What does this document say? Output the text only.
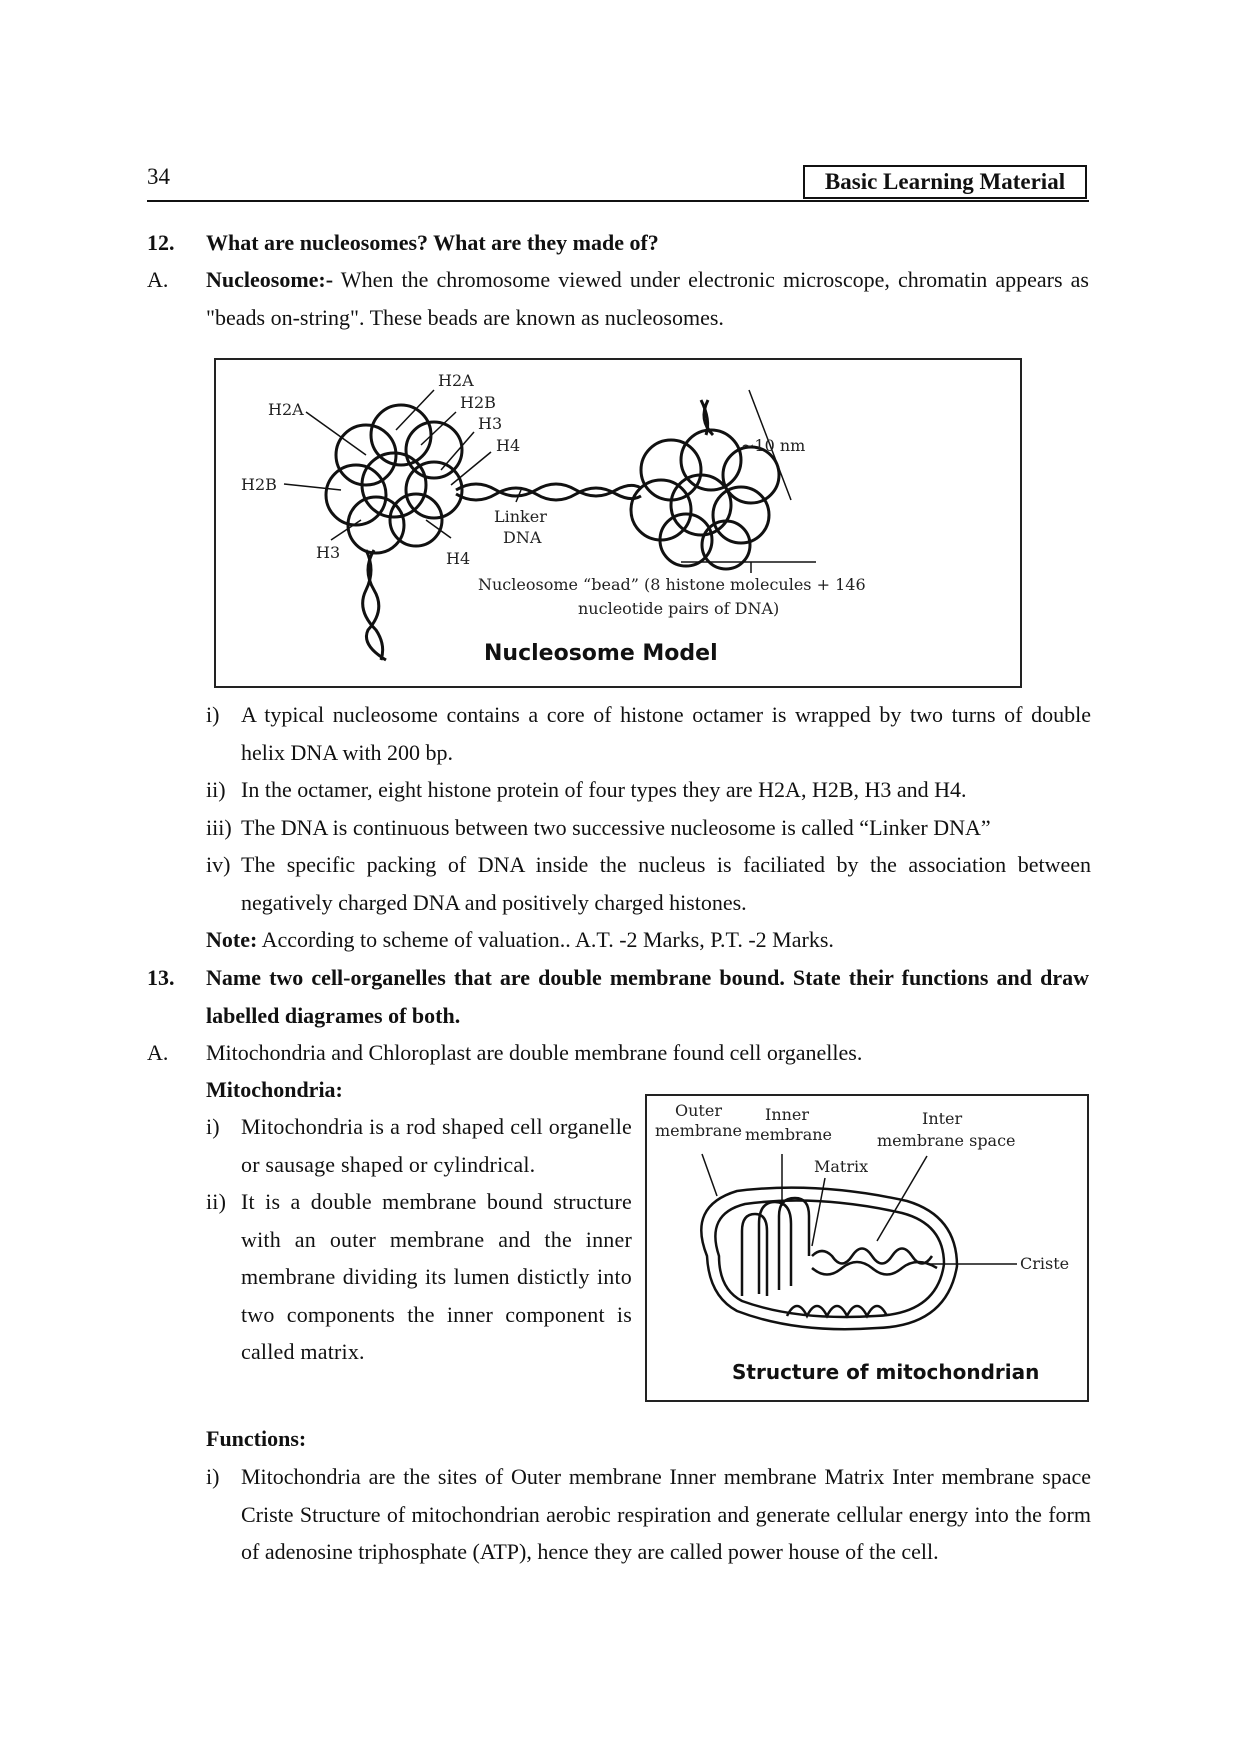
34	Basic Learning Material
12. What are nucleosomes? What are they made of?
A. Nucleosome:- When the chromosome viewed under electronic microscope, chromatin appears as "beads on-string". These beads are known as nucleosomes.
H2A
H2B
H3	H4
H2A
H2B
H3
H4	~10 nm
Linker
DNA
Nucleosome “bead” (8 histone molecules + 146
nucleotide pairs of DNA)
Nucleosome Model
i) A typical nucleosome contains a core of histone octamer is wrapped by two turns of double helix DNA with 200 bp.
ii) In the octamer, eight histone protein of four types they are H2A, H2B, H3 and H4.
iii) The DNA is continuous between two successive nucleosome is called “Linker DNA”
iv) The specific packing of DNA inside the nucleus is faciliated by the association between negatively charged DNA and positively charged histones.
Note: According to scheme of valuation.. A.T. -2 Marks, P.T. -2 Marks.
13. Name two cell-organelles that are double membrane bound. State their functions and draw labelled diagrames of both.
A. Mitochondria and Chloroplast are double membrane found cell organelles.
Mitochondria:
i) Mitochondria is a rod shaped cell organelle or sausage shaped or cylindrical.
ii) It is a double membrane bound structure with an outer membrane and the inner membrane dividing its lumen distictly into two components the inner component is called matrix.
Outer
membrane
Inner
membrane
Inter
membrane space
Matrix
Criste
Structure of mitochondrian
Functions:
i) Mitochondria are the sites of Outer membrane Inner membrane Matrix Inter membrane space Criste Structure of mitochondrian aerobic respiration and generate cellular energy into the form of adenosine triphosphate (ATP), hence they are called power house of the cell.
